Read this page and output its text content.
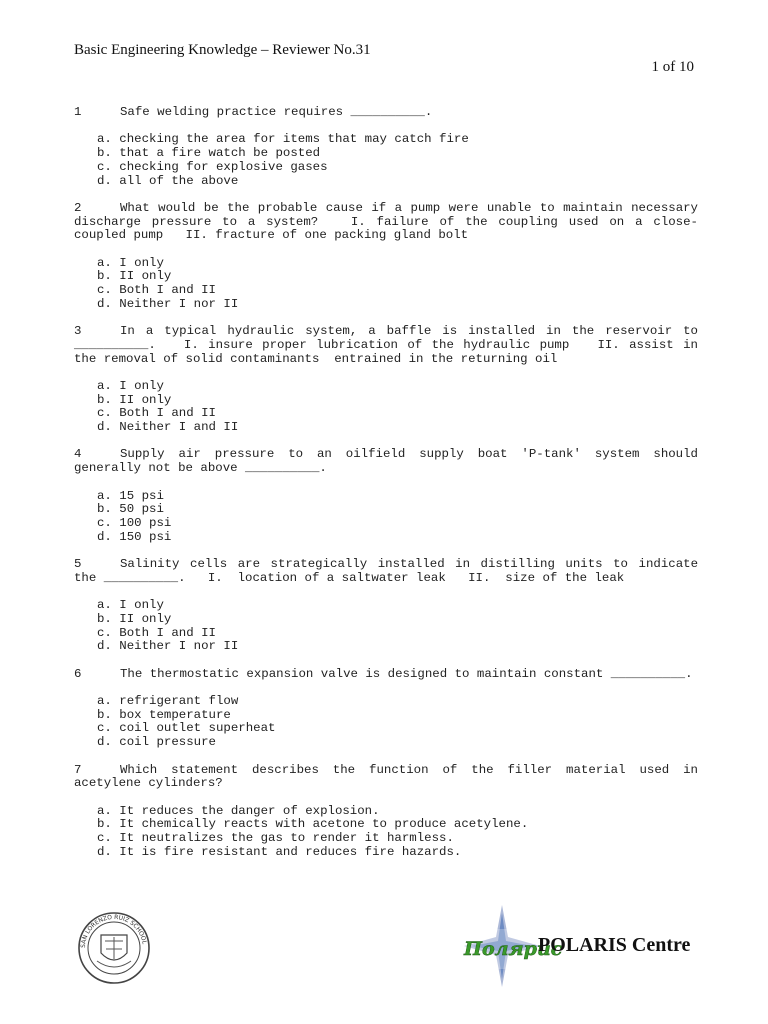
Basic Engineering Knowledge – Reviewer No.31
1 of 10
1	Safe welding practice requires __________.
a. checking the area for items that may catch fire
b. that a fire watch be posted
c. checking for explosive gases
d. all of the above
2	What would be the probable cause if a pump were unable to maintain necessary discharge pressure to a system?   I. failure of the coupling used on a close-coupled pump   II. fracture of one packing gland bolt
a. I only
b. II only
c. Both I and II
d. Neither I nor II
3	In a typical hydraulic system, a baffle is installed in the reservoir to __________.   I. insure proper lubrication of the hydraulic pump   II. assist in the removal of solid contaminants  entrained in the returning oil
a. I only
b. II only
c. Both I and II
d. Neither I and II
4	Supply air pressure to an oilfield supply boat 'P-tank' system should generally not be above __________.
a. 15 psi
b. 50 psi
c. 100 psi
d. 150 psi
5	Salinity cells are strategically installed in distilling units to indicate the __________.   I.  location of a saltwater leak   II.  size of the leak
a. I only
b. II only
c. Both I and II
d. Neither I nor II
6	The thermostatic expansion valve is designed to maintain constant __________.
a. refrigerant flow
b. box temperature
c. coil outlet superheat
d. coil pressure
7	Which statement describes the function of the filler material used in acetylene cylinders?
a. It reduces the danger of explosion.
b. It chemically reacts with acetone to produce acetylene.
c. It neutralizes the gas to render it harmless.
d. It is fire resistant and reduces fire hazards.
SAN LORENZO RUIZ SCHOOL	Полярис
POLARIS Centre
